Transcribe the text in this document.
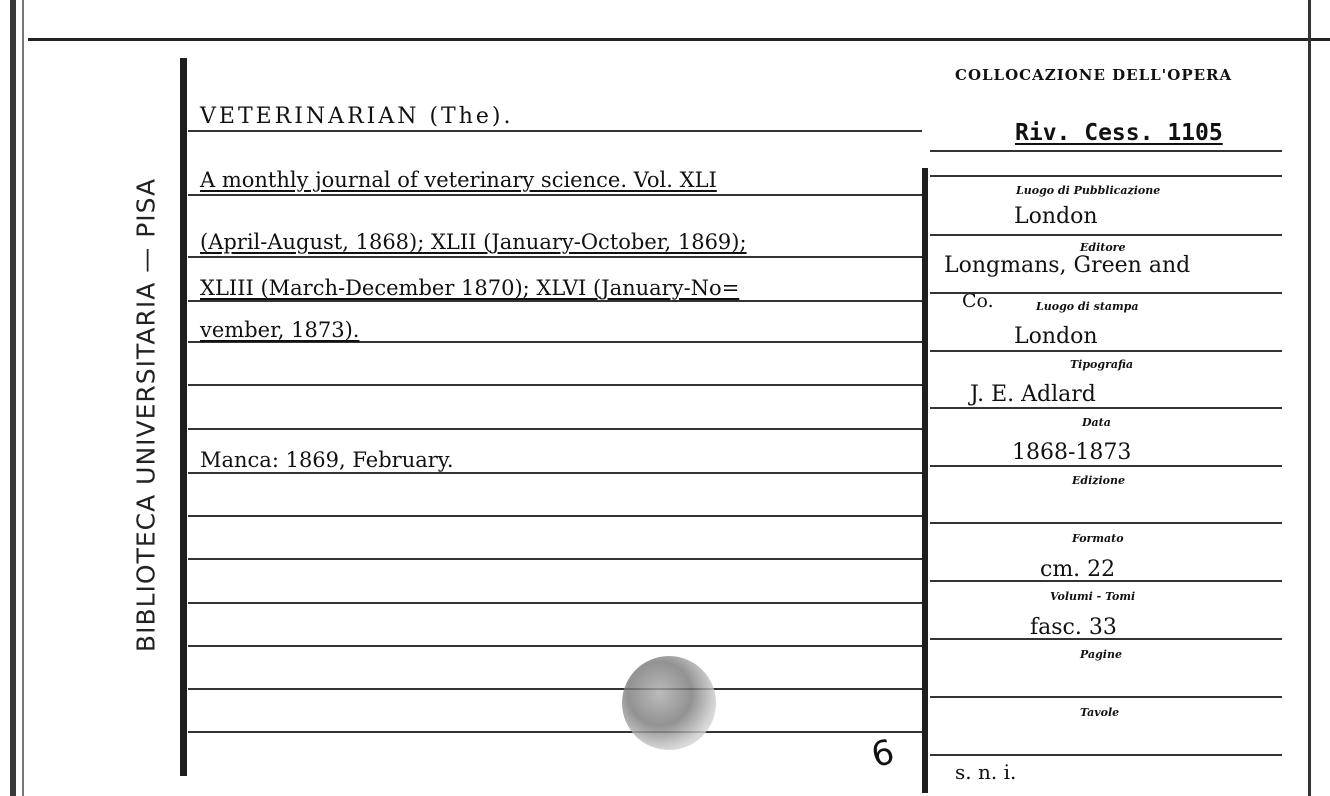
BIBLIOTECA UNIVERSITARIA — PISA
COLLOCAZIONE DELL'OPERA
Riv. Cess. 1105
VETERINARIAN (The).
A monthly journal of veterinary science. Vol. XLI
(April-August, 1868); XLII (January-October, 1869);
XLIII (March-December 1870); XLVI (January-No=
vember, 1873).
Manca: 1869, February.
Luogo di Pubblicazione
London
Editore
Longmans, Green and
Co.	Luogo di stampa
London
Tipografia
J. E. Adlard
Data
1868-1873
Edizione
Formato
cm. 22
Volumi - Tomi
fasc. 33
Pagine
Tavole
s. n. i.
6
